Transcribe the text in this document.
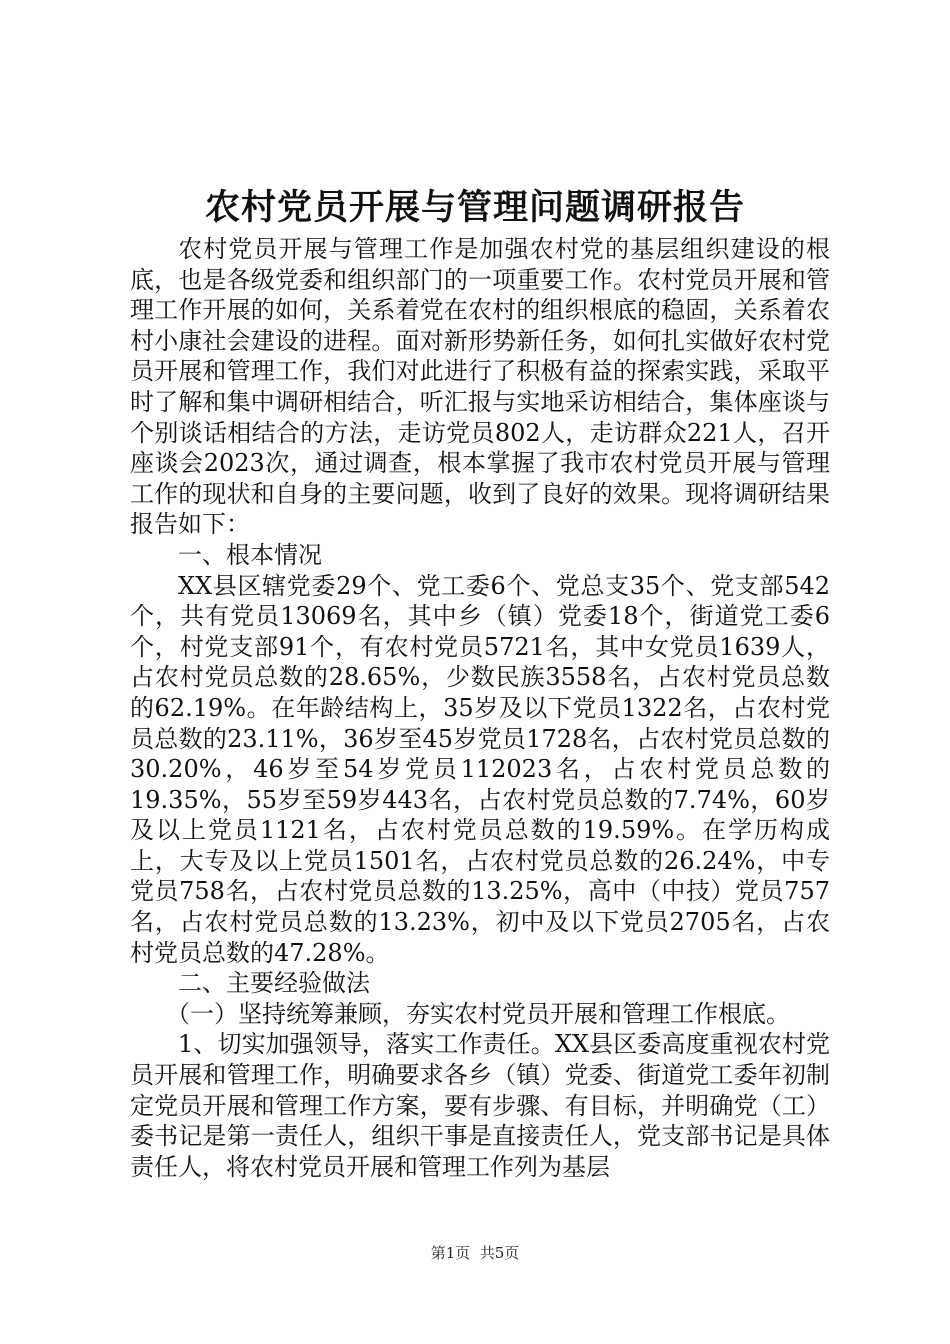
农村党员开展与管理问题调研报告

农村党员开展与管理工作是加强农村党的基层组织建设的根底，也是各级党委和组织部门的一项重要工作。农村党员开展和管理工作开展的如何，关系着党在农村的组织根底的稳固，关系着农村小康社会建设的进程。面对新形势新任务，如何扎实做好农村党员开展和管理工作，我们对此进行了积极有益的探索实践，采取平时了解和集中调研相结合，听汇报与实地采访相结合，集体座谈与个别谈话相结合的方法，走访党员802人，走访群众221人，召开座谈会2023次，通过调查，根本掌握了我市农村党员开展与管理工作的现状和自身的主要问题，收到了良好的效果。现将调研结果报告如下：

一、根本情况

XX县区辖党委29个、党工委6个、党总支35个、党支部542个，共有党员13069名，其中乡（镇）党委18个，街道党工委6个，村党支部91个，有农村党员5721名，其中女党员1639人，占农村党员总数的28.65%，少数民族3558名，占农村党员总数的62.19%。在年龄结构上，35岁及以下党员1322名，占农村党员总数的23.11%，36岁至45岁党员1728名，占农村党员总数的30.20%，46岁至54岁党员112023名，占农村党员总数的19.35%，55岁至59岁443名，占农村党员总数的7.74%，60岁及以上党员1121名，占农村党员总数的19.59%。在学历构成上，大专及以上党员1501名，占农村党员总数的26.24%，中专党员758名，占农村党员总数的13.25%，高中（中技）党员757名，占农村党员总数的13.23%，初中及以下党员2705名，占农村党员总数的47.28%。

二、主要经验做法

（一）坚持统筹兼顾，夯实农村党员开展和管理工作根底。

1、切实加强领导，落实工作责任。XX县区委高度重视农村党员开展和管理工作，明确要求各乡（镇）党委、街道党工委年初制定党员开展和管理工作方案，要有步骤、有目标，并明确党（工）委书记是第一责任人，组织干事是直接责任人，党支部书记是具体责任人，将农村党员开展和管理工作列为基层

第1页  共5页
